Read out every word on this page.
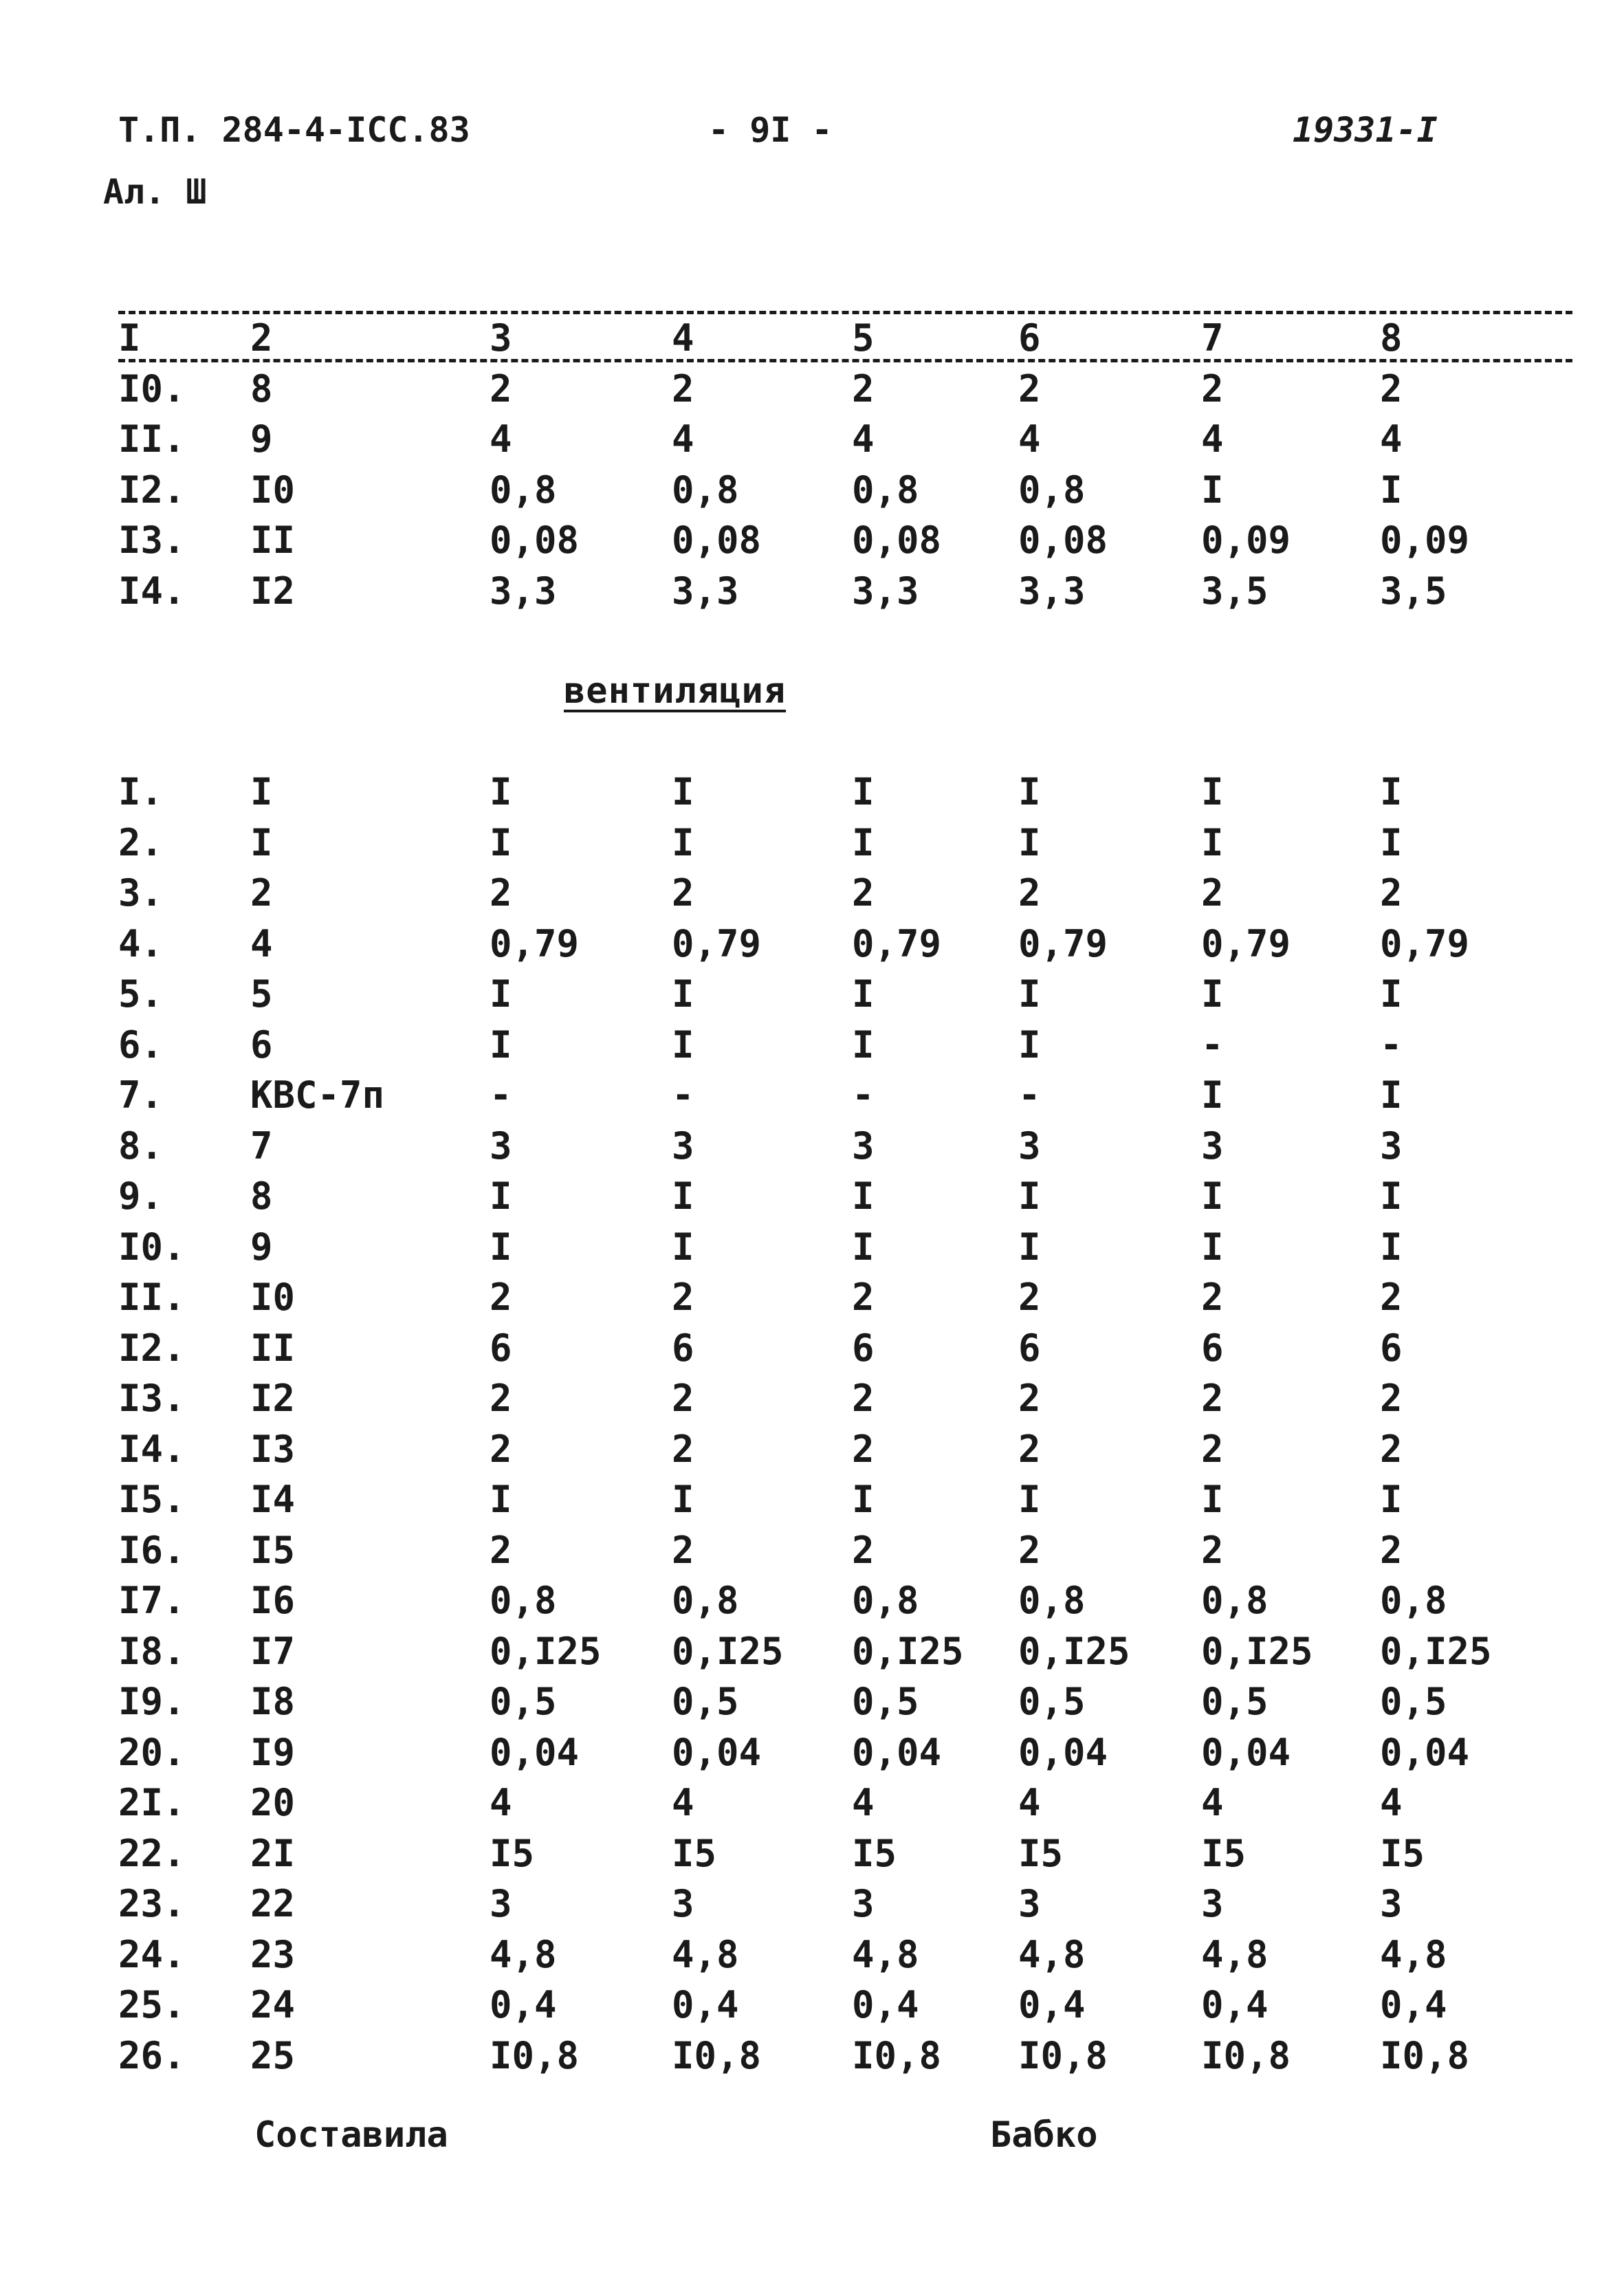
Т.П. 284-4-ICC.83	- 9I -	19331-I
Ал. Ш
I	2	3	4	5	6	7	8
I0.	8	2	2	2	2	2	2
II.	9	4	4	4	4	4	4
I2.	I0	0,8	0,8	0,8	0,8	I	I
I3.	II	0,08	0,08	0,08	0,08	0,09	0,09
I4.	I2	3,3	3,3	3,3	3,3	3,5	3,5
вентиляция
I.	I	I	I	I	I	I	I
2.	I	I	I	I	I	I	I
3.	2	2	2	2	2	2	2
4.	4	0,79	0,79	0,79	0,79	0,79	0,79
5.	5	I	I	I	I	I	I
6.	6	I	I	I	I	-	-
7.	КВС-7п	-	-	-	-	I	I
8.	7	3	3	3	3	3	3
9.	8	I	I	I	I	I	I
I0.	9	I	I	I	I	I	I
II.	I0	2	2	2	2	2	2
I2.	II	6	6	6	6	6	6
I3.	I2	2	2	2	2	2	2
I4.	I3	2	2	2	2	2	2
I5.	I4	I	I	I	I	I	I
I6.	I5	2	2	2	2	2	2
I7.	I6	0,8	0,8	0,8	0,8	0,8	0,8
I8.	I7	0,I25	0,I25	0,I25	0,I25	0,I25	0,I25
I9.	I8	0,5	0,5	0,5	0,5	0,5	0,5
20.	I9	0,04	0,04	0,04	0,04	0,04	0,04
2I.	20	4	4	4	4	4	4
22.	2I	I5	I5	I5	I5	I5	I5
23.	22	3	3	3	3	3	3
24.	23	4,8	4,8	4,8	4,8	4,8	4,8
25.	24	0,4	0,4	0,4	0,4	0,4	0,4
26.	25	I0,8	I0,8	I0,8	I0,8	I0,8	I0,8
Составила	Бабко
